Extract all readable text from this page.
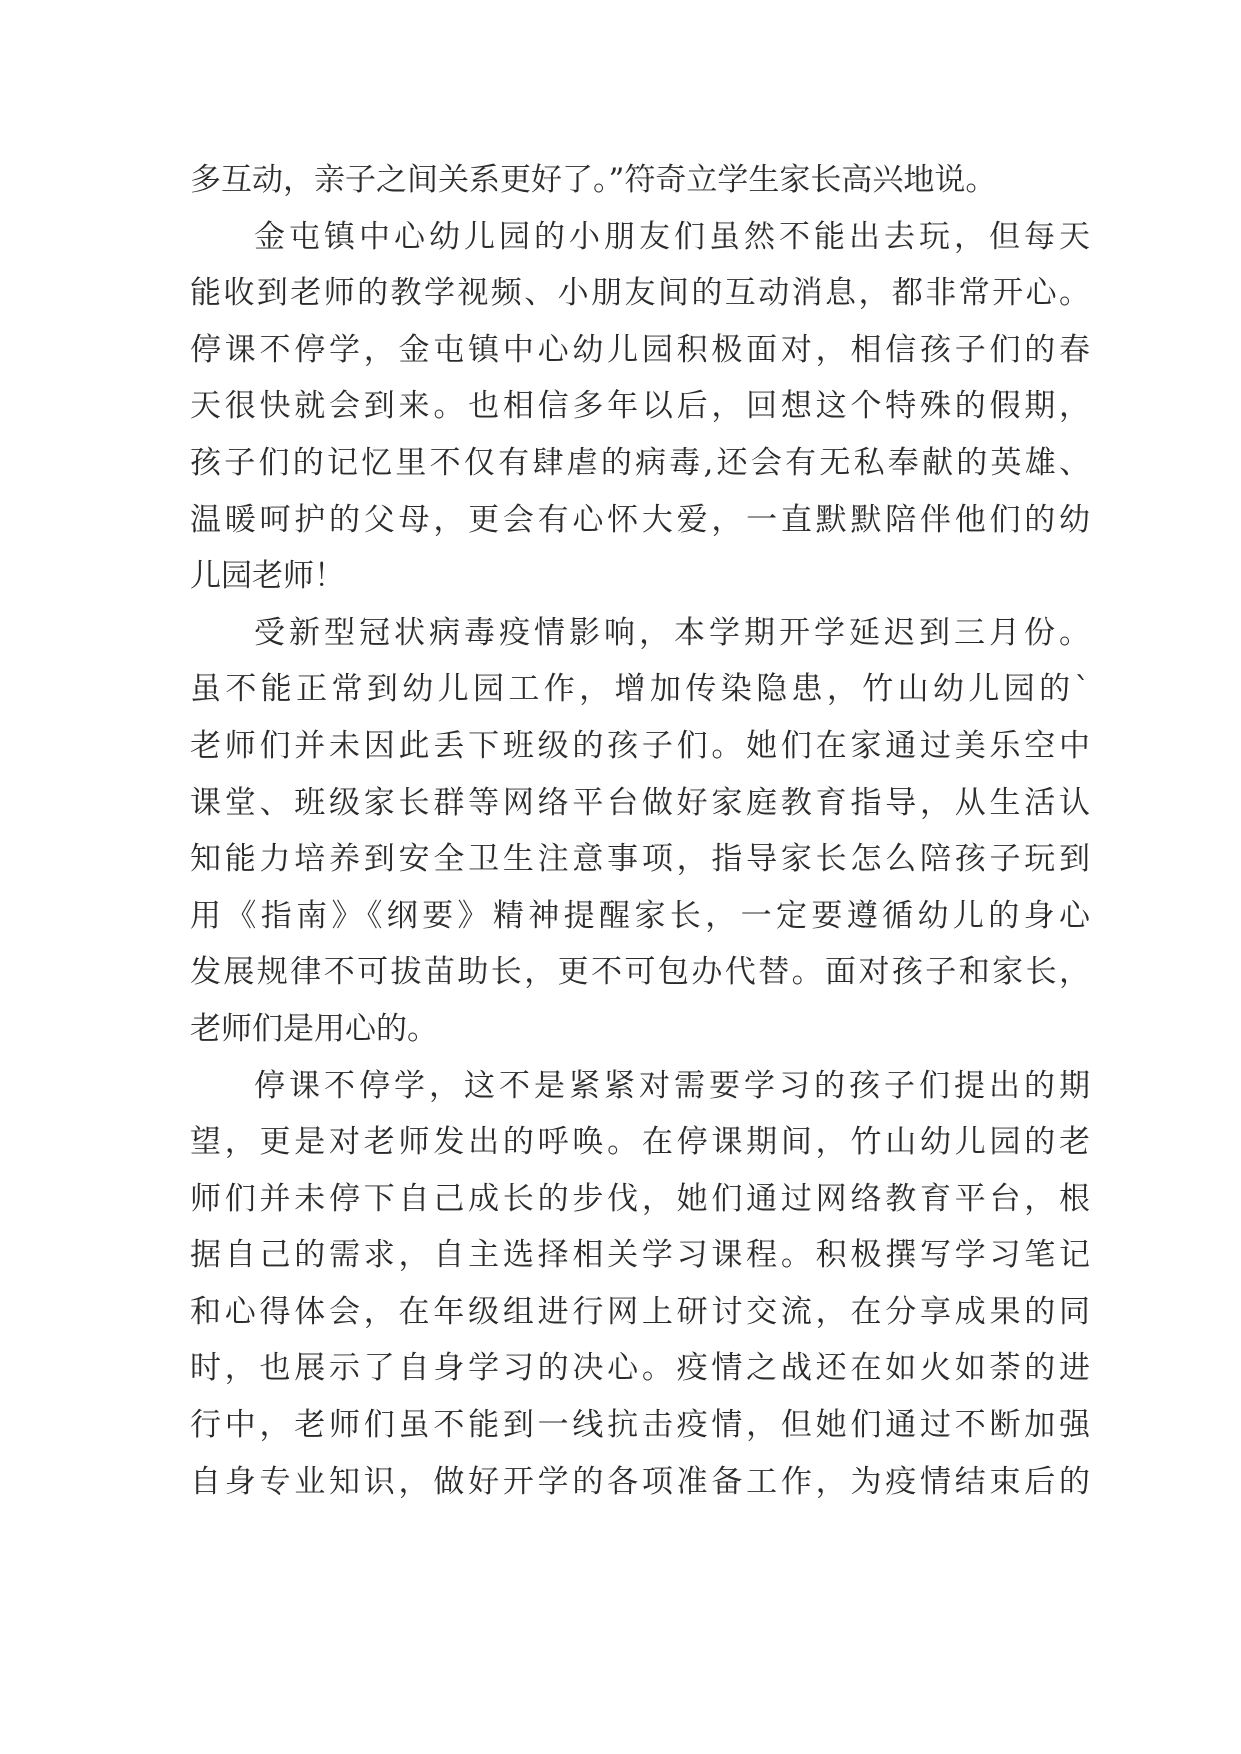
多互动，亲子之间关系更好了。”符奇立学生家长高兴地说。
金屯镇中心幼儿园的小朋友们虽然不能出去玩，但每天
能收到老师的教学视频、小朋友间的互动消息，都非常开心。
停课不停学，金屯镇中心幼儿园积极面对，相信孩子们的春
天很快就会到来。也相信多年以后，回想这个特殊的假期，
孩子们的记忆里不仅有肆虐的病毒,还会有无私奉献的英雄、
温暖呵护的父母，更会有心怀大爱，一直默默陪伴他们的幼
儿园老师！
受新型冠状病毒疫情影响，本学期开学延迟到三月份。
虽不能正常到幼儿园工作，增加传染隐患，竹山幼儿园的`
老师们并未因此丢下班级的孩子们。她们在家通过美乐空中
课堂、班级家长群等网络平台做好家庭教育指导，从生活认
知能力培养到安全卫生注意事项，指导家长怎么陪孩子玩到
用《指南》《纲要》精神提醒家长，一定要遵循幼儿的身心
发展规律不可拔苗助长，更不可包办代替。面对孩子和家长，
老师们是用心的。
停课不停学，这不是紧紧对需要学习的孩子们提出的期
望，更是对老师发出的呼唤。在停课期间，竹山幼儿园的老
师们并未停下自己成长的步伐，她们通过网络教育平台，根
据自己的需求，自主选择相关学习课程。积极撰写学习笔记
和心得体会，在年级组进行网上研讨交流，在分享成果的同
时，也展示了自身学习的决心。疫情之战还在如火如荼的进
行中，老师们虽不能到一线抗击疫情，但她们通过不断加强
自身专业知识，做好开学的各项准备工作，为疫情结束后的
